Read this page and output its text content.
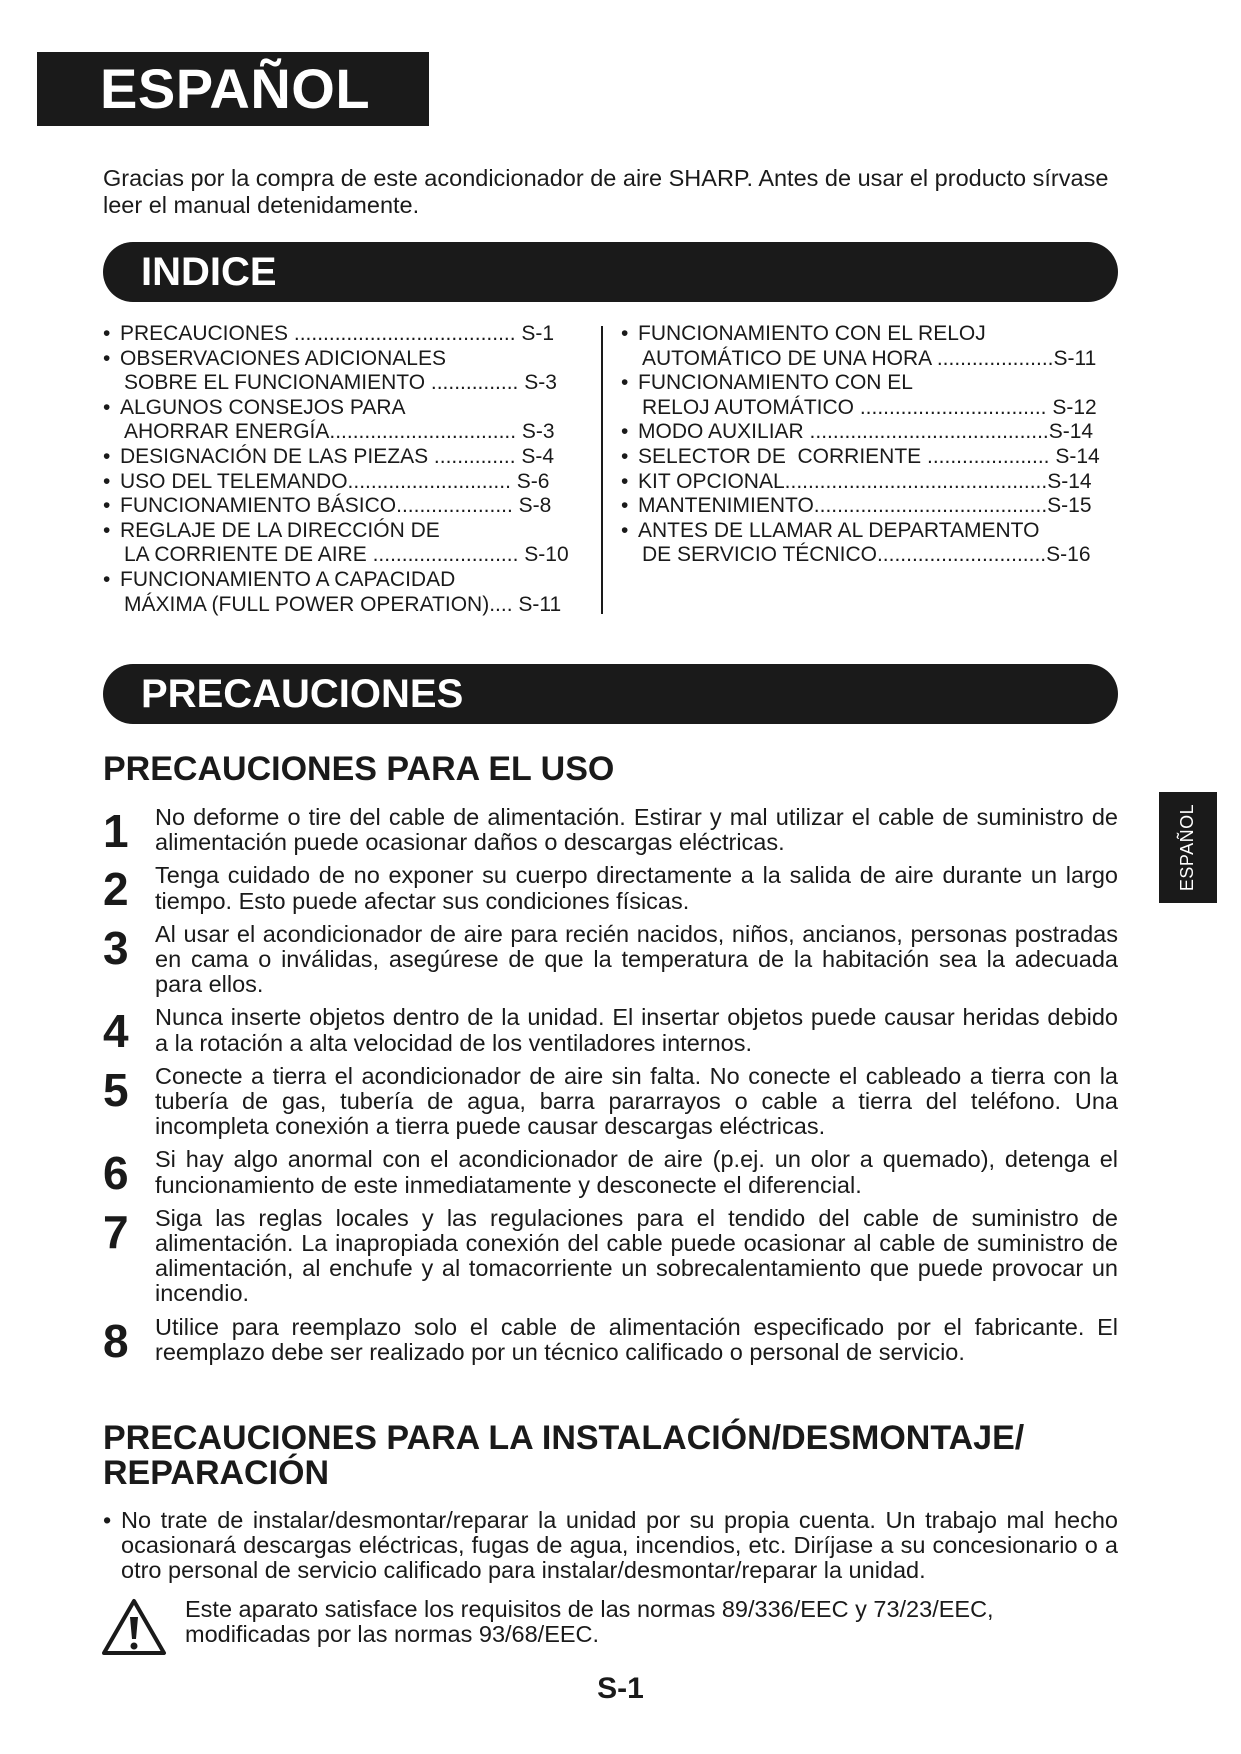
ESPAÑOL
Gracias por la compra de este acondicionador de aire SHARP. Antes de usar el producto sírvase leer el manual detenidamente.
INDICE
• PRECAUCIONES ...................................... S-1
• OBSERVACIONES ADICIONALES
SOBRE EL FUNCIONAMIENTO ............... S-3
• ALGUNOS CONSEJOS PARA
AHORRAR ENERGÍA................................ S-3
• DESIGNACIÓN DE LAS PIEZAS .............. S-4
• USO DEL TELEMANDO............................ S-6
• FUNCIONAMIENTO BÁSICO.................... S-8
• REGLAJE DE LA DIRECCIÓN DE
LA CORRIENTE DE AIRE ......................... S-10
• FUNCIONAMIENTO A CAPACIDAD
MÁXIMA (FULL POWER OPERATION).... S-11
• FUNCIONAMIENTO CON EL RELOJ
AUTOMÁTICO DE UNA HORA ....................S-11
• FUNCIONAMIENTO CON EL
RELOJ AUTOMÁTICO ................................ S-12
• MODO AUXILIAR .........................................S-14
• SELECTOR DE  CORRIENTE ..................... S-14
• KIT OPCIONAL.............................................S-14
• MANTENIMIENTO........................................S-15
• ANTES DE LLAMAR AL DEPARTAMENTO
DE SERVICIO TÉCNICO.............................S-16
PRECAUCIONES
PRECAUCIONES PARA EL USO
1	No deforme o tire del cable de alimentación. Estirar y mal utilizar el cable de suministro de alimentación puede ocasionar daños o descargas eléctricas.
2	Tenga cuidado de no exponer su cuerpo directamente a la salida de aire durante un largo tiempo. Esto puede afectar sus condiciones físicas.
3	Al usar el acondicionador de aire para recién nacidos, niños, ancianos, personas postradas en cama o inválidas, asegúrese de que la temperatura de la habitación sea la adecuada para ellos.
4	Nunca inserte objetos dentro de la unidad. El insertar objetos puede causar heridas debido a la rotación a alta velocidad de los ventiladores internos.
5	Conecte a tierra el acondicionador de aire sin falta. No conecte el cableado a tierra con la tubería de gas, tubería de agua, barra pararrayos o cable a tierra del teléfono. Una incompleta conexión a tierra puede causar descargas eléctricas.
6	Si hay algo anormal con el acondicionador de aire (p.ej. un olor a quemado), detenga el funcionamiento de este inmediatamente y desconecte el diferencial.
7	Siga las reglas locales y las regulaciones para el tendido del cable de suministro de alimentación. La inapropiada conexión del cable puede ocasionar al cable de suministro de alimentación, al enchufe y al tomacorriente un sobrecalentamiento que puede provocar un incendio.
8	Utilice para reemplazo solo el cable de alimentación especificado por el fabricante. El reemplazo debe ser realizado por un técnico calificado o personal de servicio.
PRECAUCIONES PARA LA INSTALACIÓN/DESMONTAJE/
REPARACIÓN
• No trate de instalar/desmontar/reparar la unidad por su propia cuenta. Un trabajo mal hecho ocasionará descargas eléctricas, fugas de agua, incendios, etc. Diríjase a su concesionario o a otro personal de servicio calificado para instalar/desmontar/reparar la unidad.
Este aparato satisface los requisitos de las normas 89/336/EEC y 73/23/EEC, modificadas por las normas 93/68/EEC.
ESPAÑOL
S-1
